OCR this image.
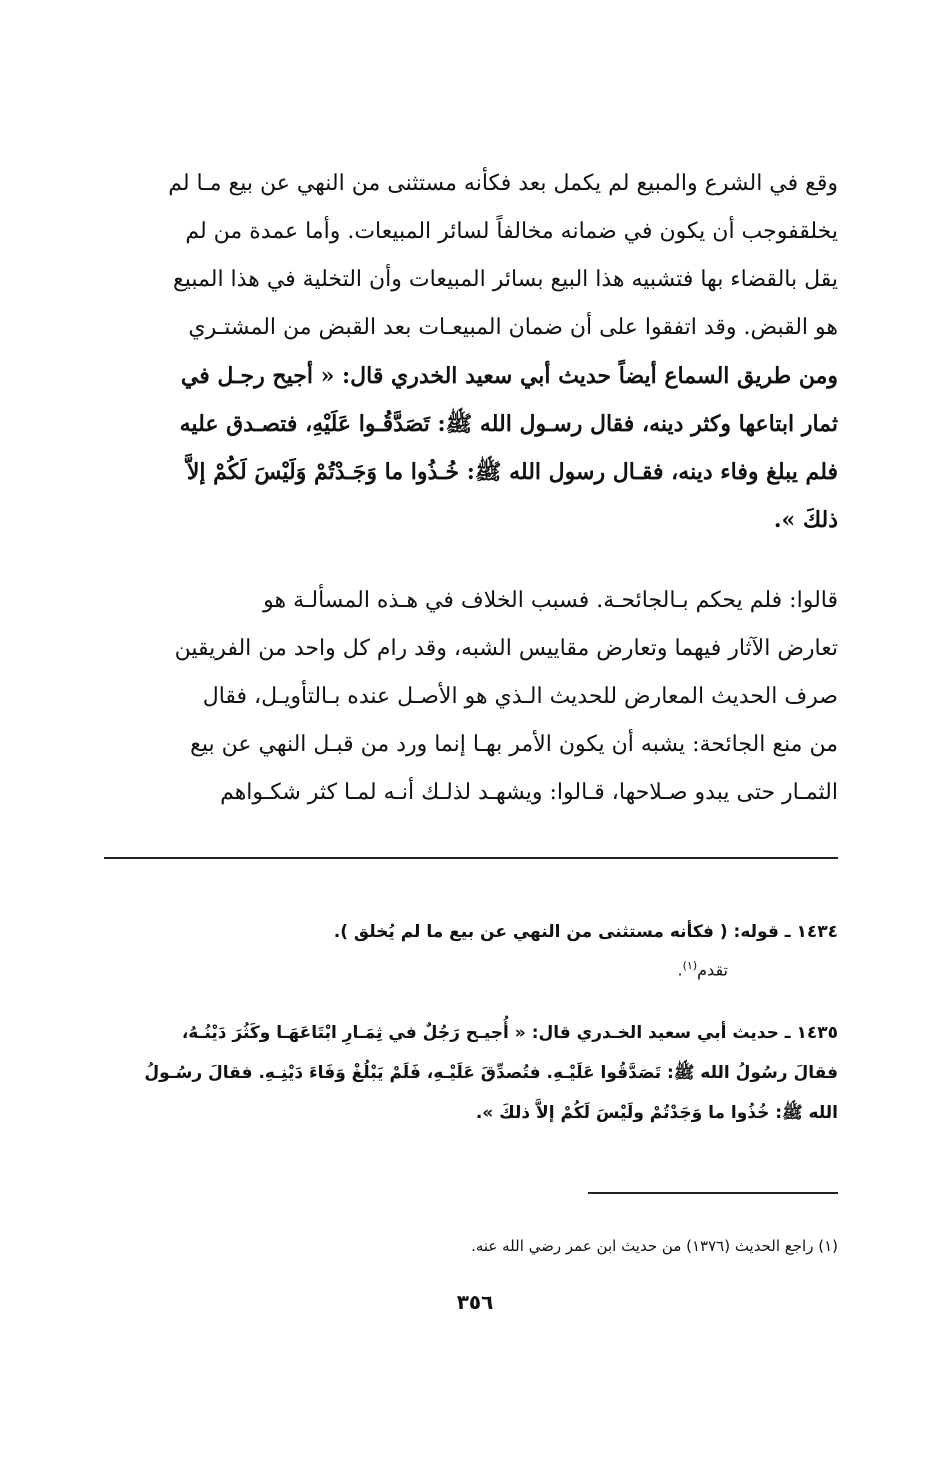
وقع في الشرع والمبيع لم يكمل بعد فكأنه مستثنى من النهي عن بيع مـا لم

يخلقفوجب أن يكون في ضمانه مخالفاً لسائر المبيعات. وأما عمدة من لم

يقل بالقضاء بها فتشبيه هذا البيع بسائر المبيعات وأن التخلية في هذا المبيع

هو القبض. وقد اتفقوا على أن ضمان المبيعـات بعد القبض من المشتـري

ومن طريق السماع أيضاً حديث أبي سعيد الخدري قال: « أجيح رجـل في

ثمار ابتاعها وكثر دينه، فقال رسـول الله ﷺ: تَصَدَّقُـوا عَلَيْهِ، فتصـدق عليه

فلم يبلغ وفاء دينه، فقـال رسول الله ﷺ: خُـذُوا ما وَجَـدْتُمْ وَلَيْسَ لَكُمْ إلاَّ

ذلكَ ».

قالوا: فلم يحكم بـالجائحـة. فسبب الخلاف في هـذه المسألـة هو

تعارض الآثار فيهما وتعارض مقاييس الشبه، وقد رام كل واحد من الفريقين

صرف الحديث المعارض للحديث الـذي هو الأصـل عنده بـالتأويـل، فقال

من منع الجائحة: يشبه أن يكون الأمر بهـا إنما ورد من قبـل النهي عن بيع

الثمـار حتى يبدو صـلاحها، قـالوا: ويشهـد لذلـك أنـه لمـا كثر شكـواهم

١٤٣٤ ـ قوله: ( فكأنه مستثنى من النهي عن بيع ما لم يُخلق ).

تقدم$^{(١)}$.

١٤٣٥ ـ حديث أبي سعيد الخـدري قال: « أُجيـح رَجُلٌ في ثِمَـارِ ابْتَاعَهَـا وكَثُرَ دَيْنُـهُ،

فقالَ رسُولُ الله ﷺ: تَصَدَّقُوا عَلَيْـهِ. فتُصدِّقَ عَلَيْـهِ، فَلَمْ يَبْلُغْ وَفَاءَ دَيْنِـهِ. فقالَ رسُـولُ

الله ﷺ: خُذُوا ما وَجَدْتُمْ ولَيْسَ لَكُمْ إلاَّ ذلكَ ».

(١) راجع الحديث (١٣٧٦) من حديث ابن عمر رضي الله عنه.

٣٥٦
